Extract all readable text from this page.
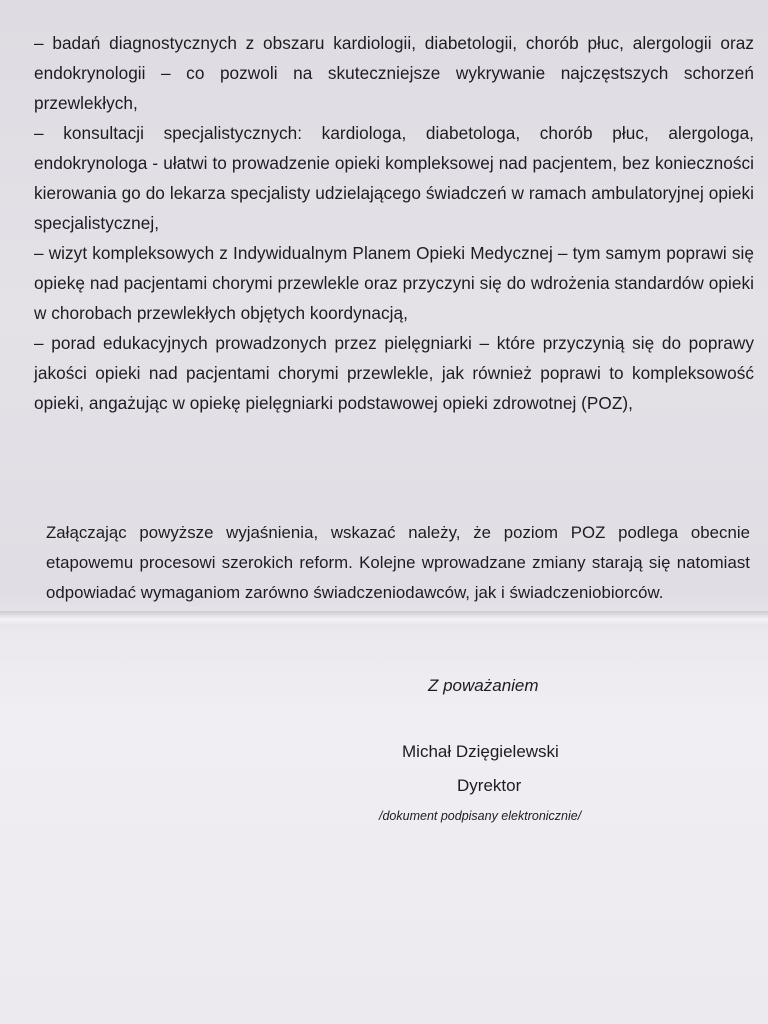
– badań diagnostycznych z obszaru kardiologii, diabetologii, chorób płuc, alergologii oraz endokrynologii – co pozwoli na skuteczniejsze wykrywanie najczęstszych schorzeń przewlekłych,

– konsultacji specjalistycznych: kardiologa, diabetologa, chorób płuc, alergologa, endokrynologa - ułatwi to prowadzenie opieki kompleksowej nad pacjentem, bez konieczności kierowania go do lekarza specjalisty udzielającego świadczeń w ramach ambulatoryjnej opieki specjalistycznej,

– wizyt kompleksowych z Indywidualnym Planem Opieki Medycznej – tym samym poprawi się opiekę nad pacjentami chorymi przewlekle oraz przyczyni się do wdrożenia standardów opieki w chorobach przewlekłych objętych koordynacją,

– porad edukacyjnych prowadzonych przez pielęgniarki – które przyczynią się do poprawy jakości opieki nad pacjentami chorymi przewlekle, jak również poprawi to kompleksowość opieki, angażując w opiekę pielęgniarki podstawowej opieki zdrowotnej (POZ),

Załączając powyższe wyjaśnienia, wskazać należy, że poziom POZ podlega obecnie etapowemu procesowi szerokich reform. Kolejne wprowadzane zmiany starają się natomiast odpowiadać wymaganiom zarówno świadczeniodawców, jak i świadczeniobiorców.

Z poważaniem
Michał Dzięgielewski
Dyrektor
/dokument podpisany elektronicznie/
